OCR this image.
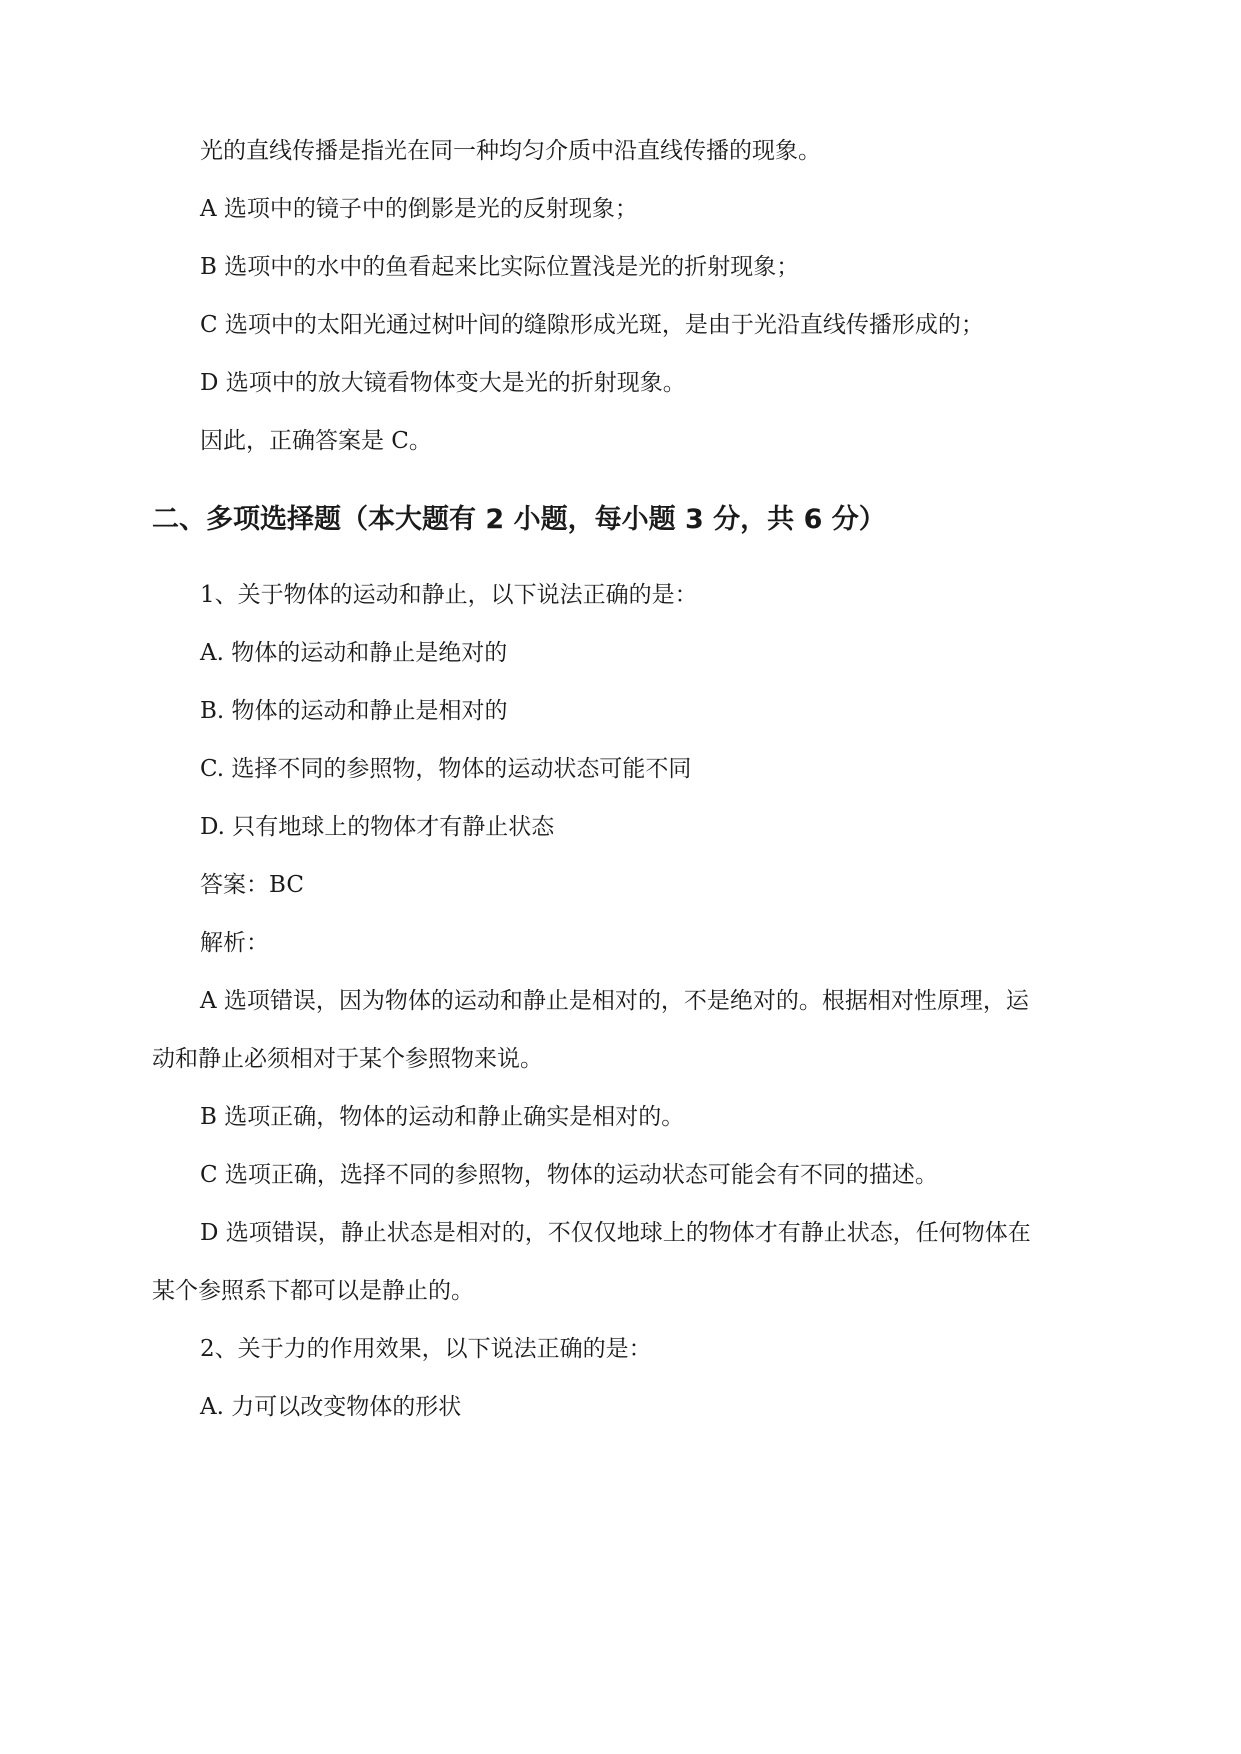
光的直线传播是指光在同一种均匀介质中沿直线传播的现象。
A 选项中的镜子中的倒影是光的反射现象；
B 选项中的水中的鱼看起来比实际位置浅是光的折射现象；
C 选项中的太阳光通过树叶间的缝隙形成光斑，是由于光沿直线传播形成的；
D 选项中的放大镜看物体变大是光的折射现象。
因此，正确答案是 C。
二、多项选择题（本大题有 2 小题，每小题 3 分，共 6 分）
1、关于物体的运动和静止，以下说法正确的是：
A. 物体的运动和静止是绝对的
B. 物体的运动和静止是相对的
C. 选择不同的参照物，物体的运动状态可能不同
D. 只有地球上的物体才有静止状态
答案：BC
解析：
A 选项错误，因为物体的运动和静止是相对的，不是绝对的。根据相对性原理，运
动和静止必须相对于某个参照物来说。
B 选项正确，物体的运动和静止确实是相对的。
C 选项正确，选择不同的参照物，物体的运动状态可能会有不同的描述。
D 选项错误，静止状态是相对的，不仅仅地球上的物体才有静止状态，任何物体在
某个参照系下都可以是静止的。
2、关于力的作用效果，以下说法正确的是：
A. 力可以改变物体的形状
